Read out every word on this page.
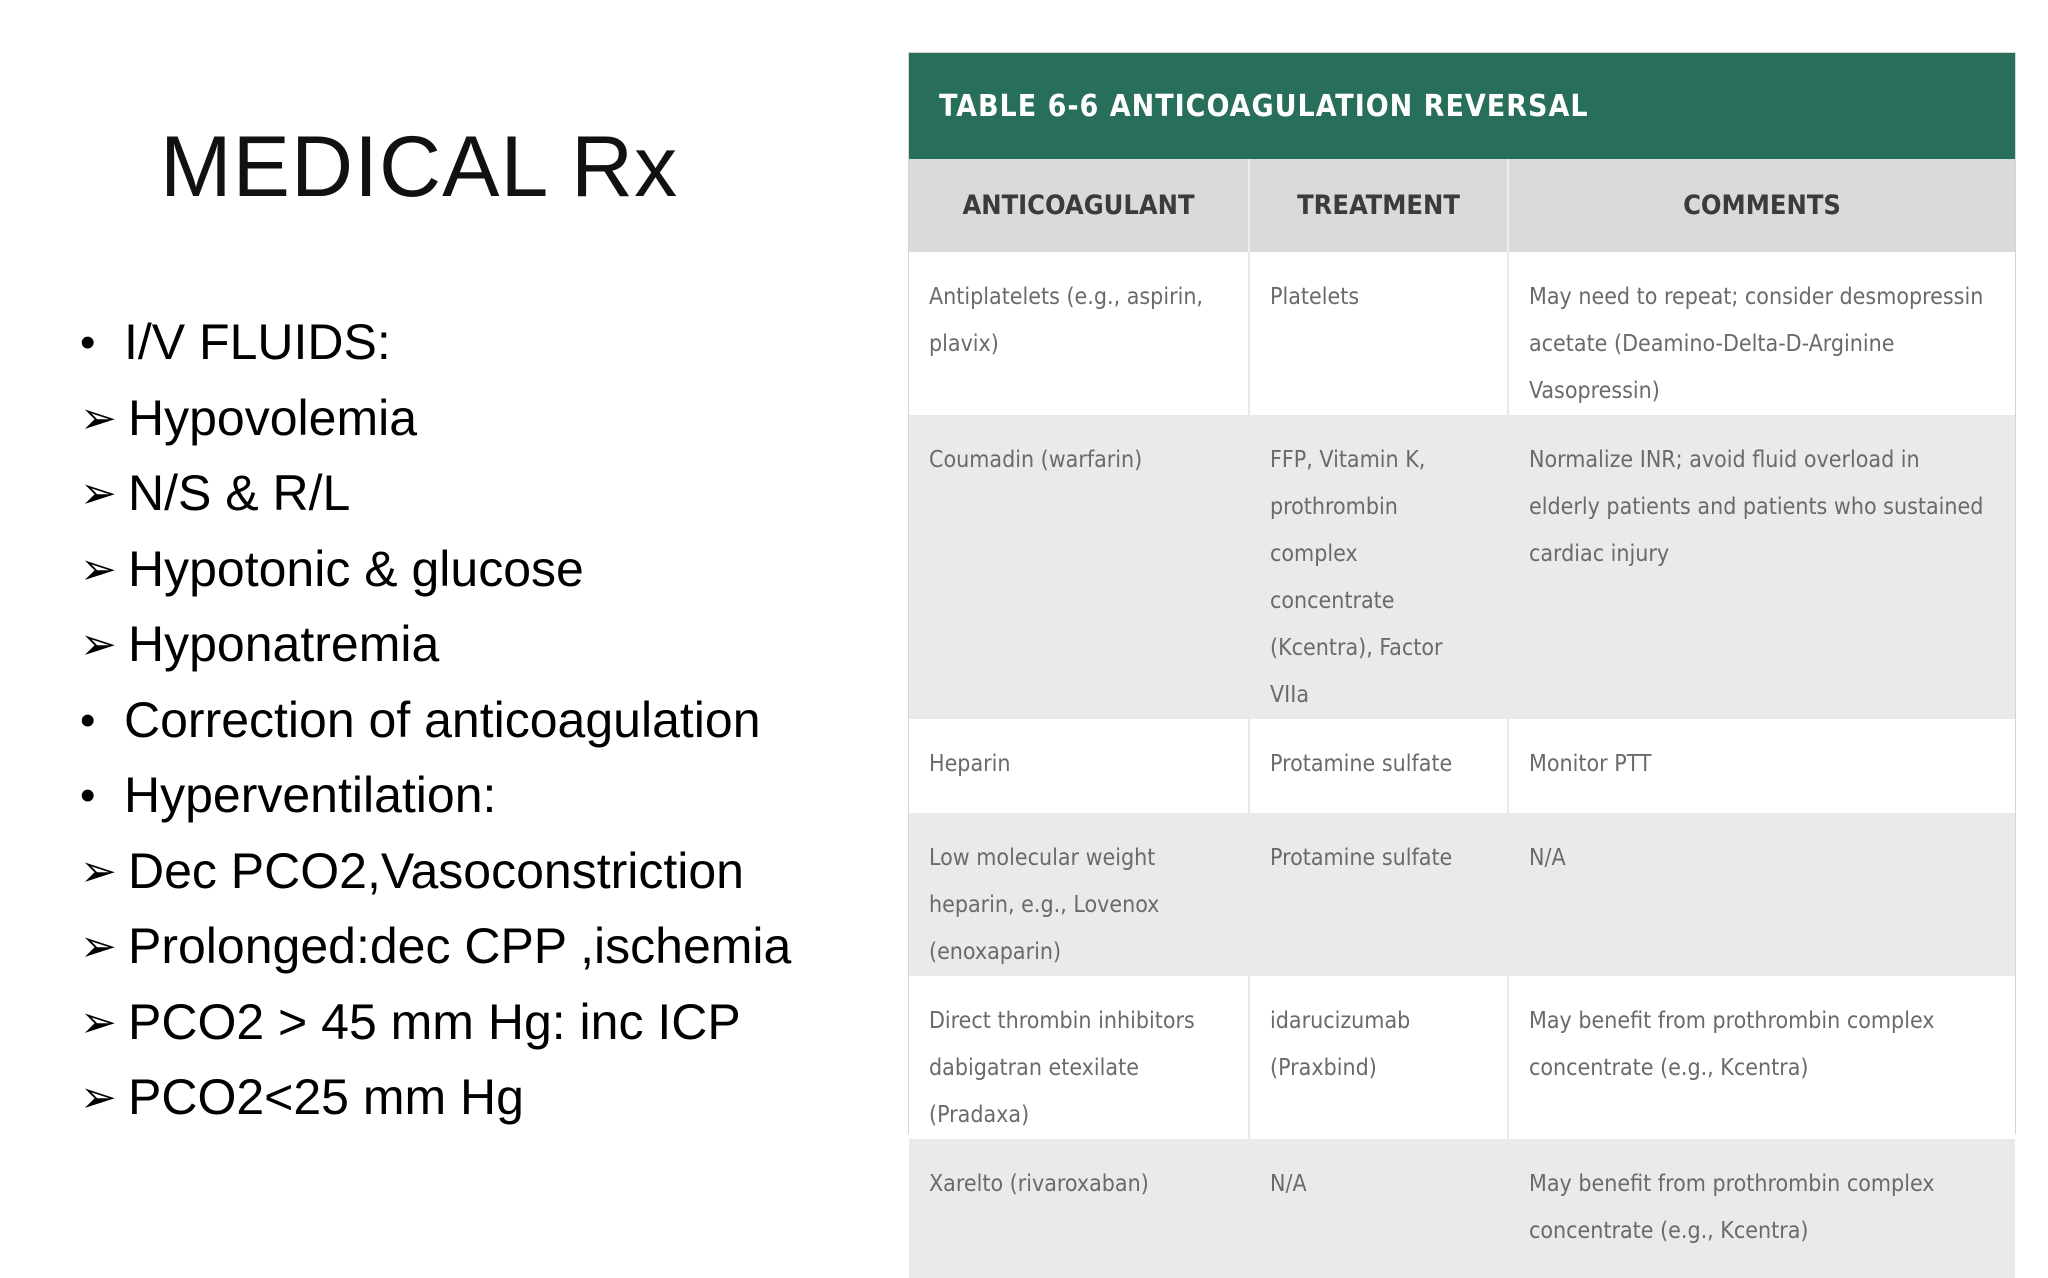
MEDICAL Rx
• I/V FLUIDS:
➢ Hypovolemia
➢ N/S & R/L
➢ Hypotonic & glucose
➢ Hyponatremia
• Correction of anticoagulation
• Hyperventilation:
➢ Dec PCO2,Vasoconstriction
➢ Prolonged:dec CPP ,ischemia
➢ PCO2 > 45 mm Hg: inc ICP
➢ PCO2<25 mm Hg
TABLE 6-6 ANTICOAGULATION REVERSAL
ANTICOAGULANT	TREATMENT	COMMENTS
Antiplatelets (e.g., aspirin, plavix)	Platelets	May need to repeat; consider desmopressin acetate (Deamino-Delta-D-Arginine Vasopressin)
Coumadin (warfarin)	FFP, Vitamin K, prothrombin complex concentrate (Kcentra), Factor VIIa	Normalize INR; avoid fluid overload in elderly patients and patients who sustained cardiac injury
Heparin	Protamine sulfate	Monitor PTT
Low molecular weight heparin, e.g., Lovenox (enoxaparin)	Protamine sulfate	N/A
Direct thrombin inhibitors dabigatran etexilate (Pradaxa)	idarucizumab (Praxbind)	May benefit from prothrombin complex concentrate (e.g., Kcentra)
Xarelto (rivaroxaban)	N/A	May benefit from prothrombin complex concentrate (e.g., Kcentra)
